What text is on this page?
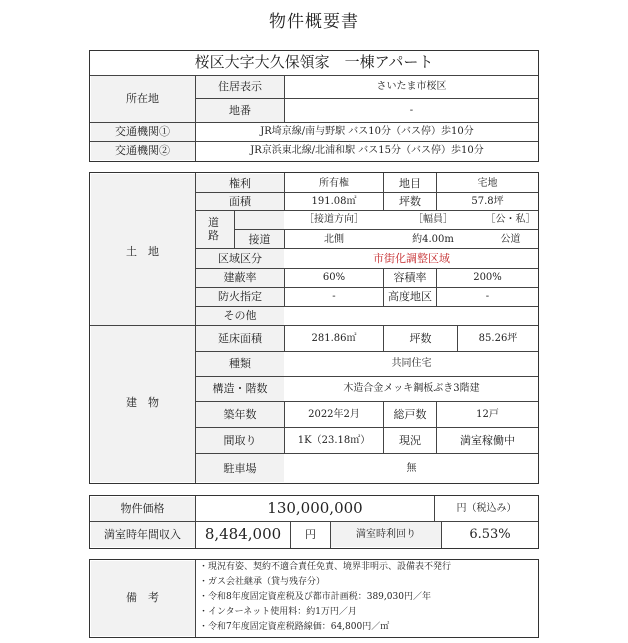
物件概要書
桜区大字大久保領家　一棟アパート
所在地
住居表示	さいたま市桜区
地番	-
交通機関①	JR埼京線/南与野駅 バス10分（バス停）歩10分
交通機関②	JR京浜東北線/北浦和駅 バス15分（バス停）歩10分
土　地
権利	所有権	地目	宅地
面積	191.08㎡	坪数	57.8坪
道路
［接道方向］	［幅員］	［公・私］
接道	北側	約4.00m	公道
区域区分	市街化調整区域
建蔽率	60%	容積率	200%
防火指定	-	高度地区	-
その他
建　物
延床面積	281.86㎡	坪数	85.26坪
種類	共同住宅
構造・階数	木造合金メッキ鋼板ぶき3階建
築年数	2022年2月	総戸数	12戸
間取り	1K（23.18㎡）	現況	満室稼働中
駐車場	無
物件価格	130,000,000	円（税込み）
満室時年間収入	8,484,000	円	満室時利回り	6.53%
備　考
・現況有姿、契約不適合責任免責、境界非明示、設備表不発行
・ガス会社継承（貸与残存分）
・令和8年度固定資産税及び都市計画税：389,030円／年
・インターネット使用料：約1万円／月
・令和7年度固定資産税路線価：64,800円／㎡
